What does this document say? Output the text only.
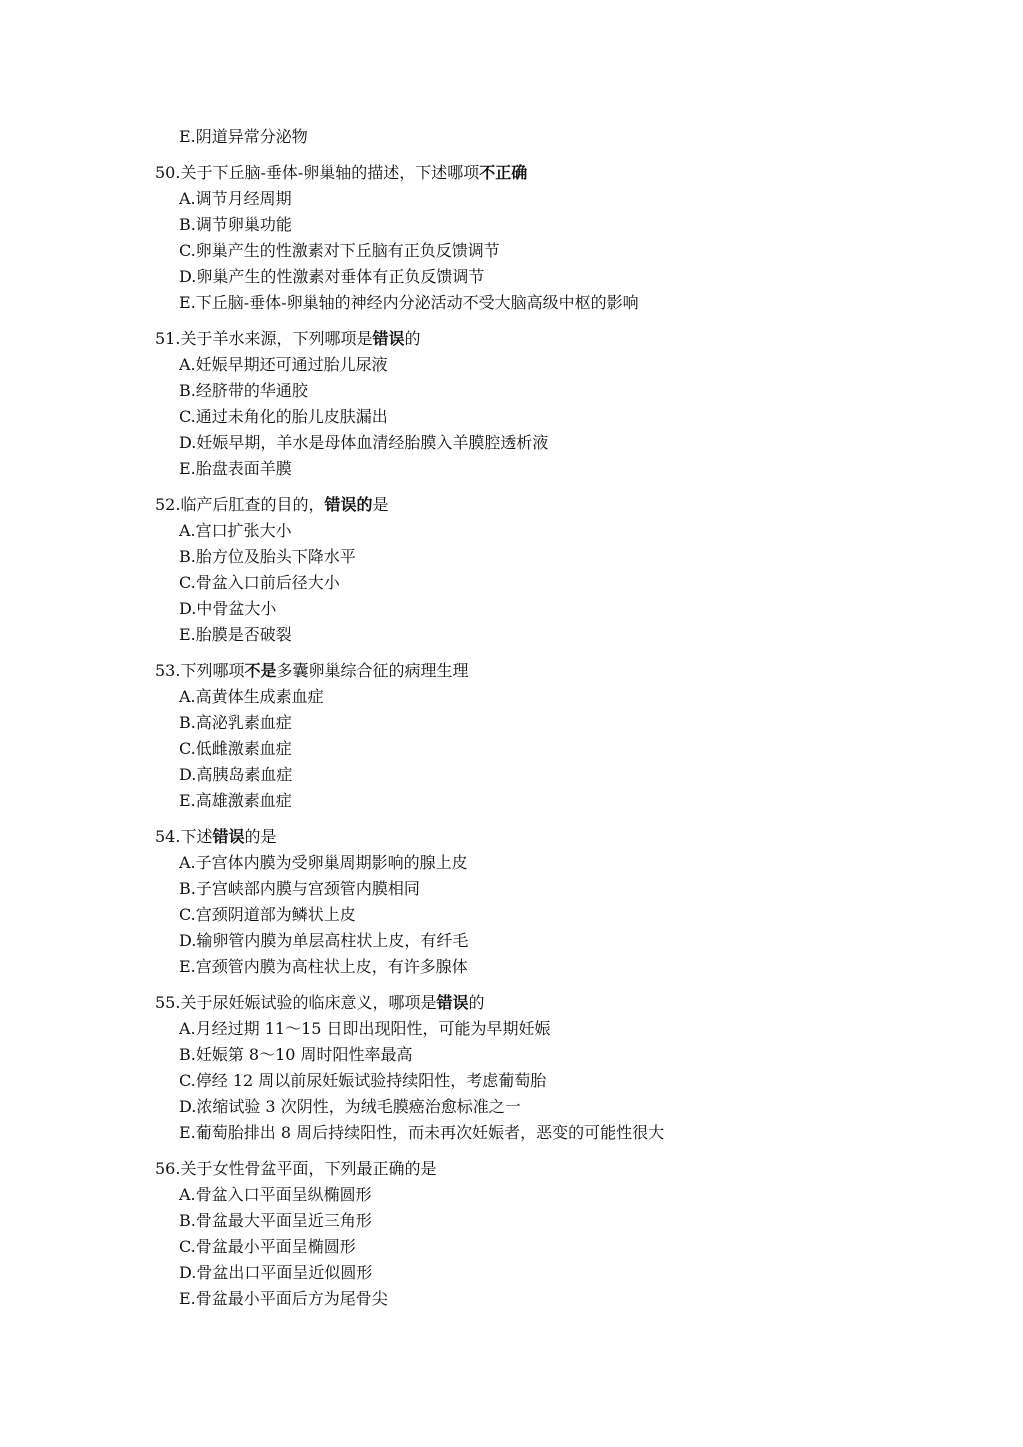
E.阴道异常分泌物
50.关于下丘脑-垂体-卵巢轴的描述，下述哪项不正确
A.调节月经周期
B.调节卵巢功能
C.卵巢产生的性激素对下丘脑有正负反馈调节
D.卵巢产生的性激素对垂体有正负反馈调节
E.下丘脑-垂体-卵巢轴的神经内分泌活动不受大脑高级中枢的影响
51.关于羊水来源，下列哪项是错误的
A.妊娠早期还可通过胎儿尿液
B.经脐带的华通胶
C.通过未角化的胎儿皮肤漏出
D.妊娠早期，羊水是母体血清经胎膜入羊膜腔透析液
E.胎盘表面羊膜
52.临产后肛查的目的，错误的是
A.宫口扩张大小
B.胎方位及胎头下降水平
C.骨盆入口前后径大小
D.中骨盆大小
E.胎膜是否破裂
53.下列哪项不是多囊卵巢综合征的病理生理
A.高黄体生成素血症
B.高泌乳素血症
C.低雌激素血症
D.高胰岛素血症
E.高雄激素血症
54.下述错误的是
A.子宫体内膜为受卵巢周期影响的腺上皮
B.子宫峡部内膜与宫颈管内膜相同
C.宫颈阴道部为鳞状上皮
D.输卵管内膜为单层高柱状上皮，有纤毛
E.宫颈管内膜为高柱状上皮，有许多腺体
55.关于尿妊娠试验的临床意义，哪项是错误的
A.月经过期 11～15 日即出现阳性，可能为早期妊娠
B.妊娠第 8～10 周时阳性率最高
C.停经 12 周以前尿妊娠试验持续阳性，考虑葡萄胎
D.浓缩试验 3 次阴性，为绒毛膜癌治愈标准之一
E.葡萄胎排出 8 周后持续阳性，而未再次妊娠者，恶变的可能性很大
56.关于女性骨盆平面，下列最正确的是
A.骨盆入口平面呈纵椭圆形
B.骨盆最大平面呈近三角形
C.骨盆最小平面呈椭圆形
D.骨盆出口平面呈近似圆形
E.骨盆最小平面后方为尾骨尖
